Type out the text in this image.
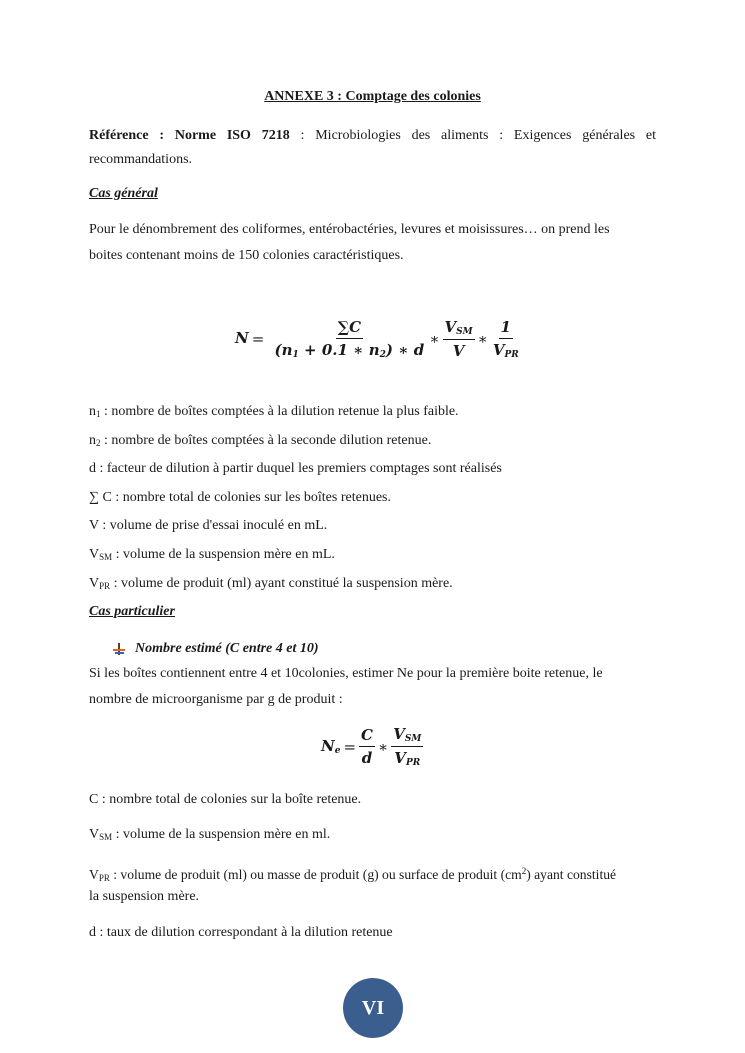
ANNEXE 3 : Comptage des colonies
Référence : Norme ISO 7218 : Microbiologies des aliments : Exigences générales et
recommandations.
Cas général
Pour le dénombrement des coliformes, entérobactéries, levures et moisissures… on prend les
boites contenant moins de 150 colonies caractéristiques.
$N = \frac{\sum C}{(n_1 + 0.1 ∗ n_2) ∗ d}$ ∗ $\frac{V_{SM}}{V}$ ∗ $\frac{1}{V_{PR}}$
$n_1$ : nombre de boîtes comptées à la dilution retenue la plus faible.
$n_2$ : nombre de boîtes comptées à la seconde dilution retenue.
d : facteur de dilution à partir duquel les premiers comptages sont réalisés
∑ C : nombre total de colonies sur les boîtes retenues.
V : volume de prise d'essai inoculé en mL.
$V_{SM}$ : volume de la suspension mère en mL.
$V_{PR}$ : volume de produit (ml) ayant constitué la suspension mère.
Cas particulier
Nombre estimé (C entre 4 et 10)
Si les boîtes contiennent entre 4 et 10colonies, estimer Ne pour la première boite retenue, le
nombre de microorganisme par g de produit :
$N_e = \frac{C}{d}$ ∗ $\frac{V_{SM}}{V_{PR}}$
C : nombre total de colonies sur la boîte retenue.
$V_{SM}$ : volume de la suspension mère en ml.
$V_{PR}$ : volume de produit (ml) ou masse de produit (g) ou surface de produit $(cm^2)$ ayant constitué
la suspension mère.
d : taux de dilution correspondant à la dilution retenue
VI
